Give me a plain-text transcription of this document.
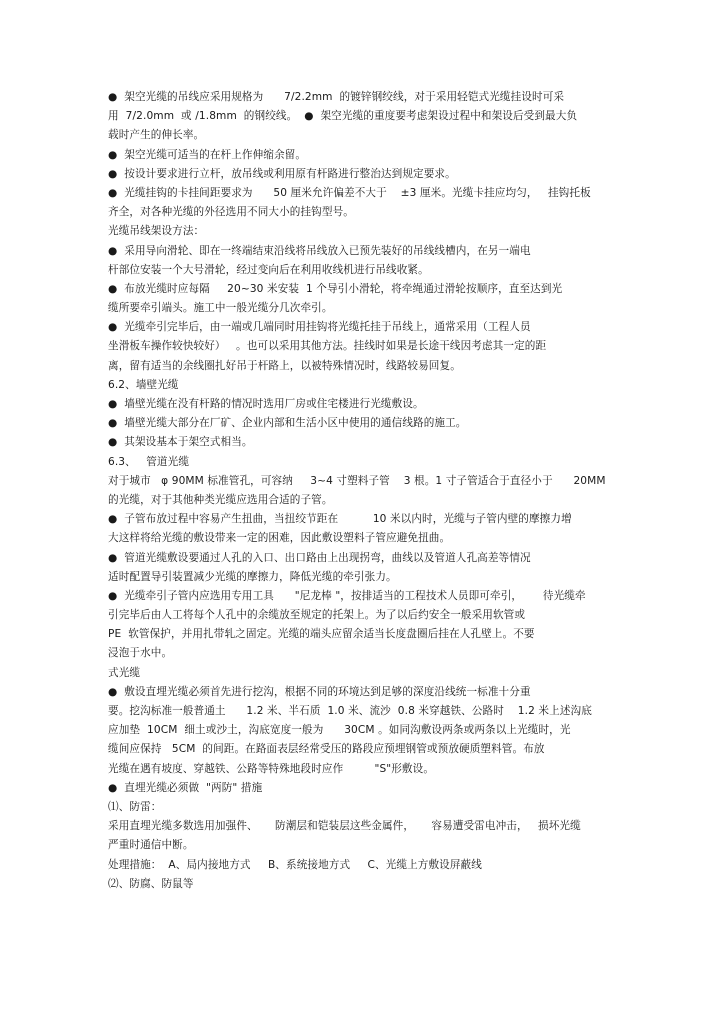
●  架空光缆的吊线应采用规格为      7/2.2mm  的镀锌钢绞线，对于采用轻铠式光缆挂设时可采
用  7/2.0mm  或 /1.8mm  的钢绞线。  ●  架空光缆的重度要考虑架设过程中和架设后受到最大负
载时产生的伸长率。
●  架空光缆可适当的在杆上作伸缩余留。
●  按设计要求进行立杆，放吊线或利用原有杆路进行整治达到规定要求。
●  光缆挂钩的卡挂间距要求为      50 厘米允许偏差不大于    ±3 厘米。光缆卡挂应均匀，   挂钩托板
齐全，对各种光缆的外径选用不同大小的挂钩型号。
光缆吊线架设方法：
●  采用导向滑轮、即在一终端结束沿线将吊线放入已预先装好的吊线线槽内，在另一端电
杆部位安装一个大号滑轮，经过变向后在利用收线机进行吊线收紧。
●  布放光缆时应每隔     20~30 米安装  1 个导引小滑轮，将牵绳通过滑轮按顺序，直至达到光
缆所要牵引端头。施工中一般光缆分几次牵引。
●  光缆牵引完毕后，由一端或几端同时用挂钩将光缆托挂于吊线上，通常采用（工程人员
坐滑板车操作较快较好）   。也可以采用其他方法。挂线时如果是长途干线因考虑其一定的距
离，留有适当的余线圈扎好吊于杆路上，以被特殊情况时，线路较易回复。
6.2、墙壁光缆
●  墙壁光缆在没有杆路的情况时选用厂房或住宅楼进行光缆敷设。
●  墙壁光缆大部分在厂矿、企业内部和生活小区中使用的通信线路的施工。
●  其架设基本于架空式相当。
6.3、   管道光缆
对于城市   φ 90MM 标准管孔，可容纳     3~4 寸塑料子管    3 根。1 寸子管适合于直径小于      20MM
的光缆，对于其他种类光缆应选用合适的子管。
●  子管布放过程中容易产生扭曲，当扭绞节距在          10 米以内时，光缆与子管内壁的摩擦力增
大这样将给光缆的敷设带来一定的困难，因此敷设塑料子管应避免扭曲。
●  管道光缆敷设要通过人孔的入口、出口路由上出现拐弯，曲线以及管道人孔高差等情况
适时配置导引装置减少光缆的摩擦力，降低光缆的牵引张力。
●  光缆牵引子管内应选用专用工具      "尼龙棒 "，按排适当的工程技术人员即可牵引，      待光缆牵
引完毕后由人工将每个人孔中的余缆放至规定的托架上。为了以后约安全一般采用软管或
PE  软管保护，并用扎带轧之固定。光缆的端头应留余适当长度盘圈后挂在人孔壁上。不要
浸泡于水中。
式光缆
●  敷设直埋光缆必须首先进行挖沟，根据不同的环境达到足够的深度沿线统一标准十分重
要。挖沟标准一般普通土      1.2 米、半石质  1.0 米、流沙  0.8 米穿越铁、公路时    1.2 米上述沟底
应加垫  10CM  细土或沙土，沟底宽度一般为      30CM 。如同沟敷设两条或两条以上光缆时，光
缆间应保持   5CM  的间距。在路面表层经常受压的路段应预埋钢管或预放硬质塑料管。布放
光缆在遇有坡度、穿越铁、公路等特殊地段时应作         "S"形敷设。
●  直埋光缆必须做  "两防" 措施
⑴、防雷：
采用直埋光缆多数选用加强件、     防潮层和铠装层这些金属件，     容易遭受雷电冲击，   损坏光缆
严重时通信中断。
处理措施：  A、局内接地方式     B、系统接地方式     C、光缆上方敷设屏蔽线
⑵、防腐、防鼠等
